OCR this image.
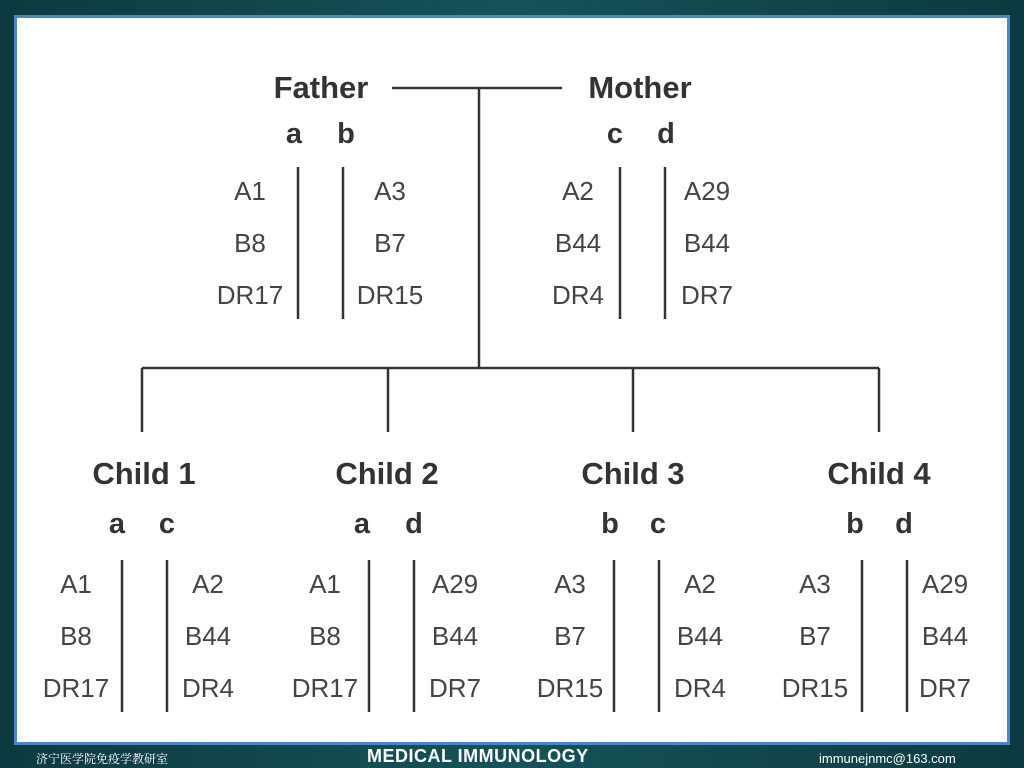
Father
a b
A1
B8
DR17
A3
B7
DR15
Mother
c d
A2
B44
DR4
A29
B44
DR7
Child 1
a c
A1
B8
DR17
A2
B44
DR4
Child 2
a d
A1
B8
DR17
A29
B44
DR7
Child 3
b c
A3
B7
DR15
A2
B44
DR4
Child 4
b d
A3
B7
DR15
A29
B44
DR7
济宁医学院免疫学教研室	MEDICAL IMMUNOLOGY	immunejnmc@163.com
